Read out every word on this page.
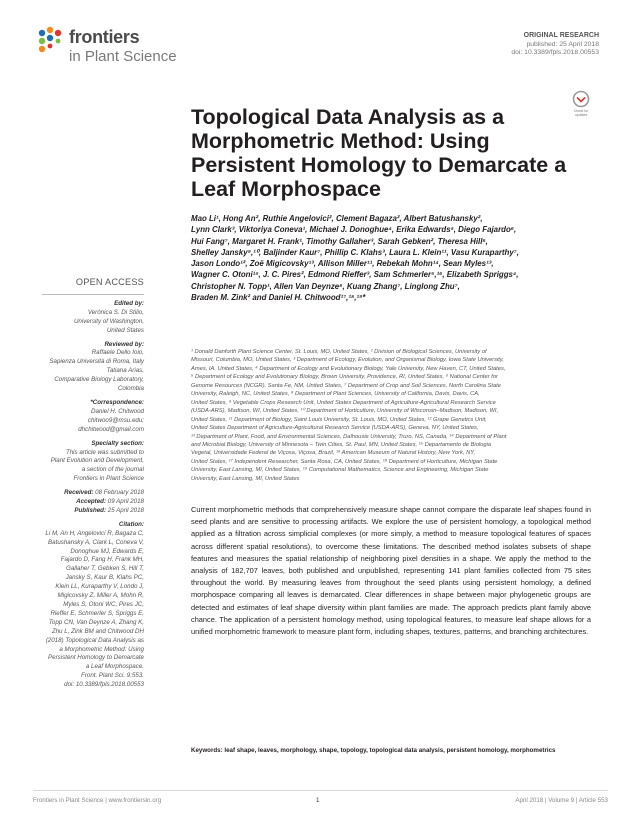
frontiers
in Plant Science
ORIGINAL RESEARCH
published: 25 April 2018
doi: 10.3389/fpls.2018.00553
Check for
updates
Topological Data Analysis as a Morphometric Method: Using Persistent Homology to Demarcate a Leaf Morphospace
Mao Li¹, Hong An², Ruthie Angelovici², Clement Bagaza², Albert Batushansky²,
Lynn Clark³, Viktoriya Coneva¹, Michael J. Donoghue⁴, Erika Edwards⁵, Diego Fajardo⁶,
Hui Fang⁷, Margaret H. Frank¹, Timothy Gallaher³, Sarah Gebken², Theresa Hill⁸,
Shelley Jansky⁹,¹⁰, Baljinder Kaur⁷, Phillip C. Klahs³, Laura L. Klein¹¹, Vasu Kuraparthy⁷,
Jason Londo¹², Zoë Migicovsky¹³, Allison Miller¹¹, Rebekah Mohn¹⁴, Sean Myles¹³,
Wagner C. Otoni¹⁵, J. C. Pires², Edmond Rieffer³, Sam Schmerler⁵,¹⁶, Elizabeth Spriggs⁴,
Christopher N. Topp¹, Allen Van Deynze⁸, Kuang Zhang⁷, Linglong Zhu⁷,
Braden M. Zink² and Daniel H. Chitwood¹⁷,¹⁸,¹⁹*
¹ Donald Danforth Plant Science Center, St. Louis, MO, United States, ² Division of Biological Sciences, University of
Missouri, Columbia, MO, United States, ³ Department of Ecology, Evolution, and Organismal Biology, Iowa State University,
Ames, IA, United States, ⁴ Department of Ecology and Evolutionary Biology, Yale University, New Haven, CT, United States,
⁵ Department of Ecology and Evolutionary Biology, Brown University, Providence, RI, United States, ⁶ National Center for
Genome Resources (NCGR), Santa Fe, NM, United States, ⁷ Department of Crop and Soil Sciences, North Carolina State
University, Raleigh, NC, United States, ⁸ Department of Plant Sciences, University of California, Davis, Davis, CA,
United States, ⁹ Vegetable Crops Research Unit, United States Department of Agriculture-Agricultural Research Service
(USDA-ARS), Madison, WI, United States, ¹⁰ Department of Horticulture, University of Wisconsin–Madison, Madison, WI,
United States, ¹¹ Department of Biology, Saint Louis University, St. Louis, MO, United States, ¹² Grape Genetics Unit,
United States Department of Agriculture-Agricultural Research Service (USDA-ARS), Geneva, NY, United States,
¹³ Department of Plant, Food, and Environmental Sciences, Dalhousie University, Truro, NS, Canada, ¹⁴ Department of Plant
and Microbial Biology, University of Minnesota – Twin Cities, St. Paul, MN, United States, ¹⁵ Departamento de Biologia
Vegetal, Universidade Federal de Viçosa, Viçosa, Brazil, ¹⁶ American Museum of Natural History, New York, NY,
United States, ¹⁷ Independent Researcher, Santa Rosa, CA, United States, ¹⁸ Department of Horticulture, Michigan State
University, East Lansing, MI, United States, ¹⁹ Computational Mathematics, Science and Engineering, Michigan State
University, East Lansing, MI, United States
Current morphometric methods that comprehensively measure shape cannot compare the disparate leaf shapes found in seed plants and are sensitive to processing artifacts. We explore the use of persistent homology, a topological method applied as a filtration across simplicial complexes (or more simply, a method to measure topological features of spaces across different spatial resolutions), to overcome these limitations. The described method isolates subsets of shape features and measures the spatial relationship of neighboring pixel densities in a shape. We apply the method to the analysis of 182,707 leaves, both published and unpublished, representing 141 plant families collected from 75 sites throughout the world. By measuring leaves from throughout the seed plants using persistent homology, a defined morphospace comparing all leaves is demarcated. Clear differences in shape between major phylogenetic groups are detected and estimates of leaf shape diversity within plant families are made. The approach predicts plant family above chance. The application of a persistent homology method, using topological features, to measure leaf shape allows for a unified morphometric framework to measure plant form, including shapes, textures, patterns, and branching architectures.
Keywords: leaf shape, leaves, morphology, shape, topology, topological data analysis, persistent homology, morphometrics
OPEN ACCESS
Edited by:
Verónica S. Di Stilio,
University of Washington,
United States
Reviewed by:
Raffaele Dello Ioio,
Sapienza Università di Roma, Italy
Tatiana Arias,
Comparative Biology Laboratory,
Colombia
*Correspondence:
Daniel H. Chitwood
chitwoo9@msu.edu;
dhchitwood@gmail.com
Specialty section:
This article was submitted to
Plant Evolution and Development,
a section of the journal
Frontiers in Plant Science
Received: 08 February 2018
Accepted: 09 April 2018
Published: 25 April 2018
Citation:
Li M, An H, Angelovici R, Bagaza C,
Batushansky A, Clark L, Coneva V,
Donoghue MJ, Edwards E,
Fajardo D, Fang H, Frank MH,
Gallaher T, Gebken S, Hill T,
Jansky S, Kaur B, Klahs PC,
Klein LL, Kuraparthy V, Londo J,
Migicovsky Z, Miller A, Mohn R,
Myles S, Otoni WC, Pires JC,
Rieffer E, Schmerler S, Spriggs E,
Topp CN, Van Deynze A, Zhang K,
Zhu L, Zink BM and Chitwood DH
(2018) Topological Data Analysis as
a Morphometric Method: Using
Persistent Homology to Demarcate
a Leaf Morphospace.
Front. Plant Sci. 9:553.
doi: 10.3389/fpls.2018.00553
Frontiers in Plant Science | www.frontiersin.org	1	April 2018 | Volume 9 | Article 553
